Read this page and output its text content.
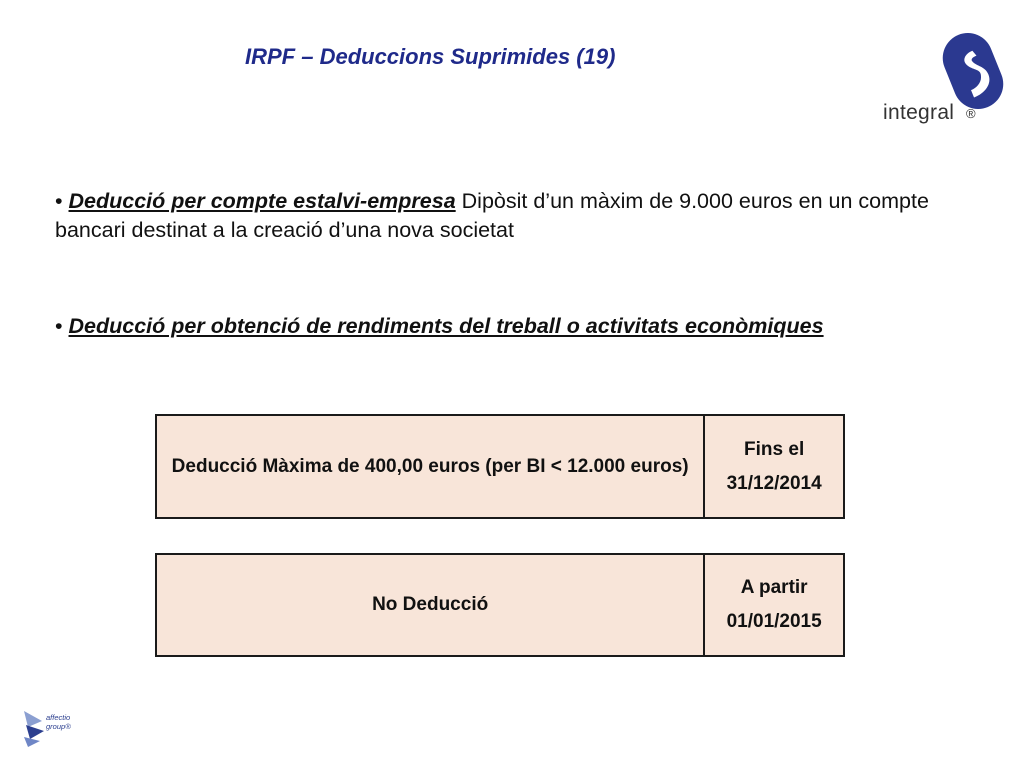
IRPF – Deduccions Suprimides (19)
integral ®
• Deducció per compte estalvi-empresa Dipòsit d’un màxim de 9.000 euros en un compte bancari destinat a la creació d’una nova societat
• Deducció per obtenció de rendiments del treball o activitats econòmiques
Deducció Màxima de 400,00 euros (per BI < 12.000 euros)	Fins el 31/12/2014
No Deducció	A partir 01/01/2015
affectio
group®
